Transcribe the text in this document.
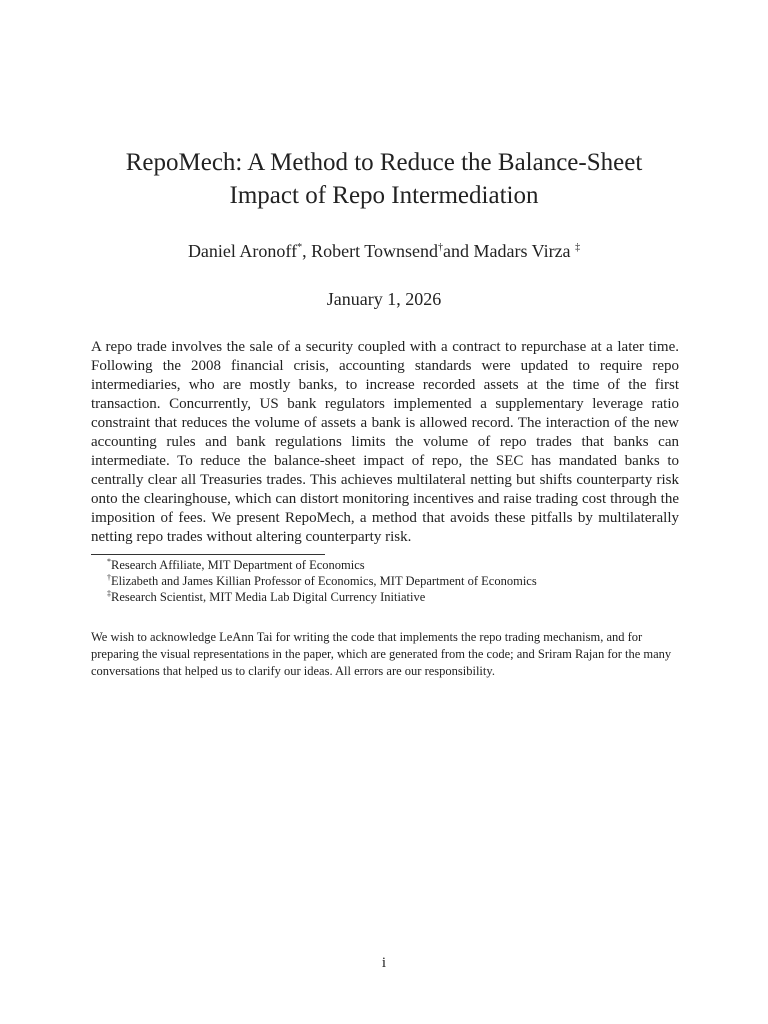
RepoMech: A Method to Reduce the Balance-Sheet
Impact of Repo Intermediation
Daniel Aronoff*, Robert Townsend†and Madars Virza ‡
January 1, 2026

A repo trade involves the sale of a security coupled with a contract to repurchase at a later time. Following the 2008 financial crisis, accounting standards were updated to require repo intermediaries, who are mostly banks, to increase recorded assets at the time of the first transaction. Concurrently, US bank regulators implemented a supplementary leverage ratio constraint that reduces the volume of assets a bank is allowed record. The interaction of the new accounting rules and bank regulations limits the volume of repo trades that banks can intermediate. To reduce the balance-sheet impact of repo, the SEC has mandated banks to centrally clear all Treasuries trades. This achieves multilateral netting but shifts counterparty risk onto the clearinghouse, which can distort monitoring incentives and raise trading cost through the imposition of fees. We present RepoMech, a method that avoids these pitfalls by multilaterally netting repo trades without altering counterparty risk.

*Research Affiliate, MIT Department of Economics
†Elizabeth and James Killian Professor of Economics, MIT Department of Economics
‡Research Scientist, MIT Media Lab Digital Currency Initiative

We wish to acknowledge LeAnn Tai for writing the code that implements the repo trading mechanism, and for preparing the visual representations in the paper, which are generated from the code; and Sriram Rajan for the many conversations that helped us to clarify our ideas. All errors are our responsibility.

i
